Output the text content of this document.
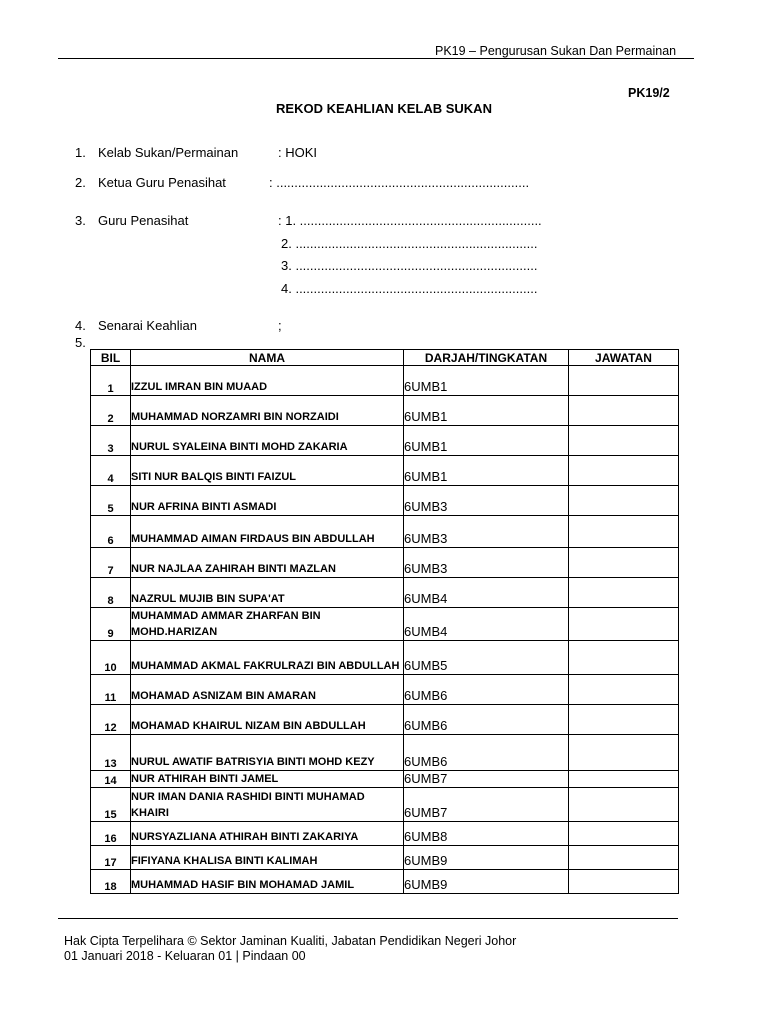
PK19 – Pengurusan Sukan Dan Permainan
PK19/2
REKOD KEAHLIAN KELAB SUKAN
1. Kelab Sukan/Permainan	: HOKI
2. Ketua Guru Penasihat	: ......................................................................
3. Guru Penasihat	: 1. ...................................................................
2. ...................................................................
3. ...................................................................
4. ...................................................................
4. Senarai Keahlian	;
5.
BIL	NAMA	DARJAH/TINGKATAN	JAWATAN
1	IZZUL IMRAN BIN MUAAD	6UMB1	
2	MUHAMMAD NORZAMRI BIN NORZAIDI	6UMB1	
3	NURUL SYALEINA BINTI MOHD ZAKARIA	6UMB1	
4	SITI NUR BALQIS BINTI FAIZUL	6UMB1	
5	NUR AFRINA BINTI ASMADI	6UMB3	
6	MUHAMMAD AIMAN FIRDAUS BIN ABDULLAH	6UMB3	
7	NUR NAJLAA ZAHIRAH BINTI MAZLAN	6UMB3	
8	NAZRUL MUJIB BIN SUPA'AT	6UMB4	
9	MUHAMMAD AMMAR ZHARFAN BIN MOHD.HARIZAN	6UMB4	
10	MUHAMMAD AKMAL FAKRULRAZI BIN ABDULLAH	6UMB5	
11	MOHAMAD ASNIZAM BIN AMARAN	6UMB6	
12	MOHAMAD KHAIRUL NIZAM BIN ABDULLAH	6UMB6	
13	NURUL AWATIF BATRISYIA BINTI MOHD KEZY	6UMB6	
14	NUR ATHIRAH BINTI JAMEL	6UMB7	
15	NUR IMAN DANIA RASHIDI BINTI MUHAMAD KHAIRI	6UMB7	
16	NURSYAZLIANA ATHIRAH BINTI ZAKARIYA	6UMB8	
17	FIFIYANA KHALISA BINTI KALIMAH	6UMB9	
18	MUHAMMAD HASIF BIN MOHAMAD JAMIL	6UMB9	
Hak Cipta Terpelihara © Sektor Jaminan Kualiti, Jabatan Pendidikan Negeri Johor
01 Januari 2018 - Keluaran 01 | Pindaan 00
